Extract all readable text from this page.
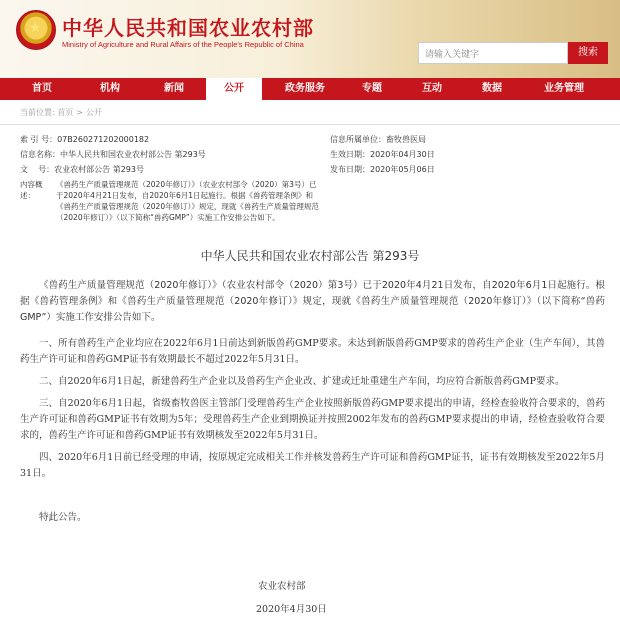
★ 中华人民共和国农业农村部
Ministry of Agriculture and Rural Affairs of the People's Republic of China
请输入关键字	搜索
首页	机构	新闻	公开	政务服务	专题	互动	数据	业务管理
当前位置: 首页 > 公开
索 引 号：07B260271202000182	信息所属单位：畜牧兽医局
信息名称：中华人民共和国农业农村部公告 第293号	生效日期：2020年04月30日
文    号：农业农村部公告 第293号	发布日期：2020年05月06日
内容概述：
《兽药生产质量管理规范（2020年修订）》（农业农村部令（2020）第3号）已于2020年4月21日发布，自2020年6月1日起施行。根据《兽药管理条例》和《兽药生产质量管理规范（2020年修订）》规定，现就《兽药生产质量管理规范（2020年修订）》（以下简称“兽药GMP”）实施工作安排公告如下。
中华人民共和国农业农村部公告 第293号
《兽药生产质量管理规范（2020年修订）》（农业农村部令（2020）第3号）已于2020年4月21日发布，自2020年6月1日起施行。根据《兽药管理条例》和《兽药生产质量管理规范（2020年修订）》规定，现就《兽药生产质量管理规范（2020年修订）》（以下简称“兽药GMP”）实施工作安排公告如下。
一、所有兽药生产企业均应在2022年6月1日前达到新版兽药GMP要求。未达到新版兽药GMP要求的兽药生产企业（生产车间），其兽药生产许可证和兽药GMP证书有效期最长不超过2022年5月31日。
二、自2020年6月1日起，新建兽药生产企业以及兽药生产企业改、扩建或迁址重建生产车间，均应符合新版兽药GMP要求。
三、自2020年6月1日起，省级畜牧兽医主管部门受理兽药生产企业按照新版兽药GMP要求提出的申请，经检查验收符合要求的，兽药生产许可证和兽药GMP证书有效期为5年；受理兽药生产企业到期换证并按照2002年发布的兽药GMP要求提出的申请，经检查验收符合要求的，兽药生产许可证和兽药GMP证书有效期核发至2022年5月31日。
四、2020年6月1日前已经受理的申请，按原规定完成相关工作并核发兽药生产许可证和兽药GMP证书，证书有效期核发至2022年5月31日。
特此公告。
农业农村部
2020年4月30日
